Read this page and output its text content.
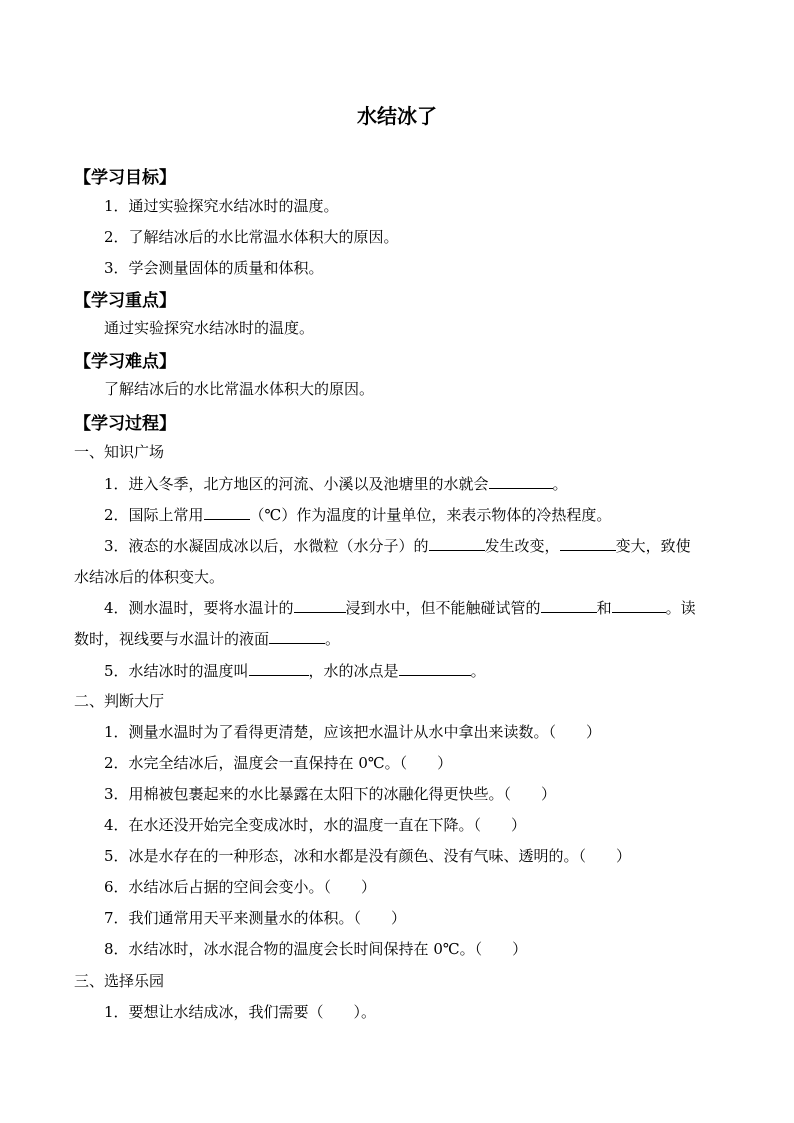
水结冰了
【学习目标】
1．通过实验探究水结冰时的温度。
2．了解结冰后的水比常温水体积大的原因。
3．学会测量固体的质量和体积。
【学习重点】
通过实验探究水结冰时的温度。
【学习难点】
了解结冰后的水比常温水体积大的原因。
【学习过程】
一、知识广场
1．进入冬季，北方地区的河流、小溪以及池塘里的水就会	。
2．国际上常用	（℃）作为温度的计量单位，来表示物体的冷热程度。
3．液态的水凝固成冰以后，水微粒（水分子）的	发生改变，	变大，致使
水结冰后的体积变大。
4．测水温时，要将水温计的	浸到水中，但不能触碰试管的	和	。读
数时，视线要与水温计的液面	。
5．水结冰时的温度叫	，水的冰点是	。
二、判断大厅
1．测量水温时为了看得更清楚，应该把水温计从水中拿出来读数。（　　）
2．水完全结冰后，温度会一直保持在 0℃。（　　）
3．用棉被包裹起来的水比暴露在太阳下的冰融化得更快些。（　　）
4．在水还没开始完全变成冰时，水的温度一直在下降。（　　）
5．冰是水存在的一种形态，冰和水都是没有颜色、没有气味、透明的。（　　）
6．水结冰后占据的空间会变小。（　　）
7．我们通常用天平来测量水的体积。（　　）
8．水结冰时，冰水混合物的温度会长时间保持在 0℃。（　　）
三、选择乐园
1．要想让水结成冰，我们需要（　　）。
